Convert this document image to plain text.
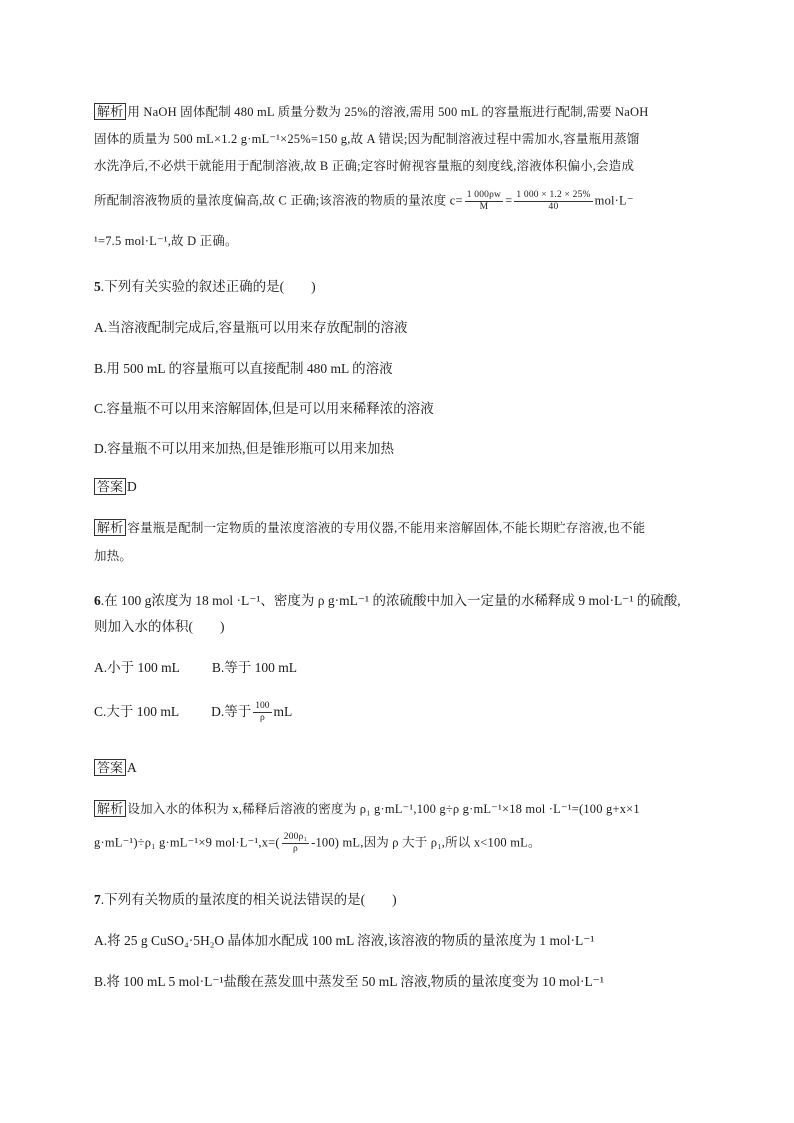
解析 用 NaOH 固体配制 480 mL 质量分数为 25%的溶液,需用 500 mL 的容量瓶进行配制,需要 NaOH
固体的质量为 500 mL×1.2 g·mL⁻¹×25%=150 g,故 A 错误;因为配制溶液过程中需加水,容量瓶用蒸馏
水洗净后,不必烘干就能用于配制溶液,故 B 正确;定容时俯视容量瓶的刻度线,溶液体积偏小,会造成
所配制溶液物质的量浓度偏高,故 C 正确;该溶液的物质的量浓度 $c= \frac{1 000\rho w}{M} = \frac{1 000 \times 1.2 \times 25\%}{40} mol\cdot L^-$
¹=7.5 mol·L⁻¹,故 D 正确。
5.下列有关实验的叙述正确的是(　　)
A.当溶液配制完成后,容量瓶可以用来存放配制的溶液
B.用 500 mL 的容量瓶可以直接配制 480 mL 的溶液
C.容量瓶不可以用来溶解固体,但是可以用来稀释浓的溶液
D.容量瓶不可以用来加热,但是锥形瓶可以用来加热
答案 D
解析 容量瓶是配制一定物质的量浓度溶液的专用仪器,不能用来溶解固体,不能长期贮存溶液,也不能
加热。
6.在 100 g浓度为 18 mol ·L⁻¹、密度为 ρ g·mL⁻¹ 的浓硫酸中加入一定量的水稀释成 9 mol·L⁻¹ 的硫酸,
则加入水的体积(　　)
A.小于 100 mL B.等于 100 mL
C.大于 100 mL D.等于 $\frac{100}{\rho}$ mL
答案 A
解析 设加入水的体积为 x,稀释后溶液的密度为 ρ₁ g·mL⁻¹,100 g÷ρ g·mL⁻¹×18 mol ·L⁻¹=(100 g+x×1
g·mL⁻¹)÷ρ₁ g·mL⁻¹×9 $mol\cdot L^{-1},x=( \frac{\text{200ρ₁}}{\rho} -100)$ mL,因为 ρ 大于 ρ₁,所以 x<100 mL。
7.下列有关物质的量浓度的相关说法错误的是(　　)
A.将 25 g CuSO₄·5H₂O 晶体加水配成 100 mL 溶液,该溶液的物质的量浓度为 1 mol·L⁻¹
B.将 100 mL 5 mol·L⁻¹盐酸在蒸发皿中蒸发至 50 mL 溶液,物质的量浓度变为 10 mol·L⁻¹
